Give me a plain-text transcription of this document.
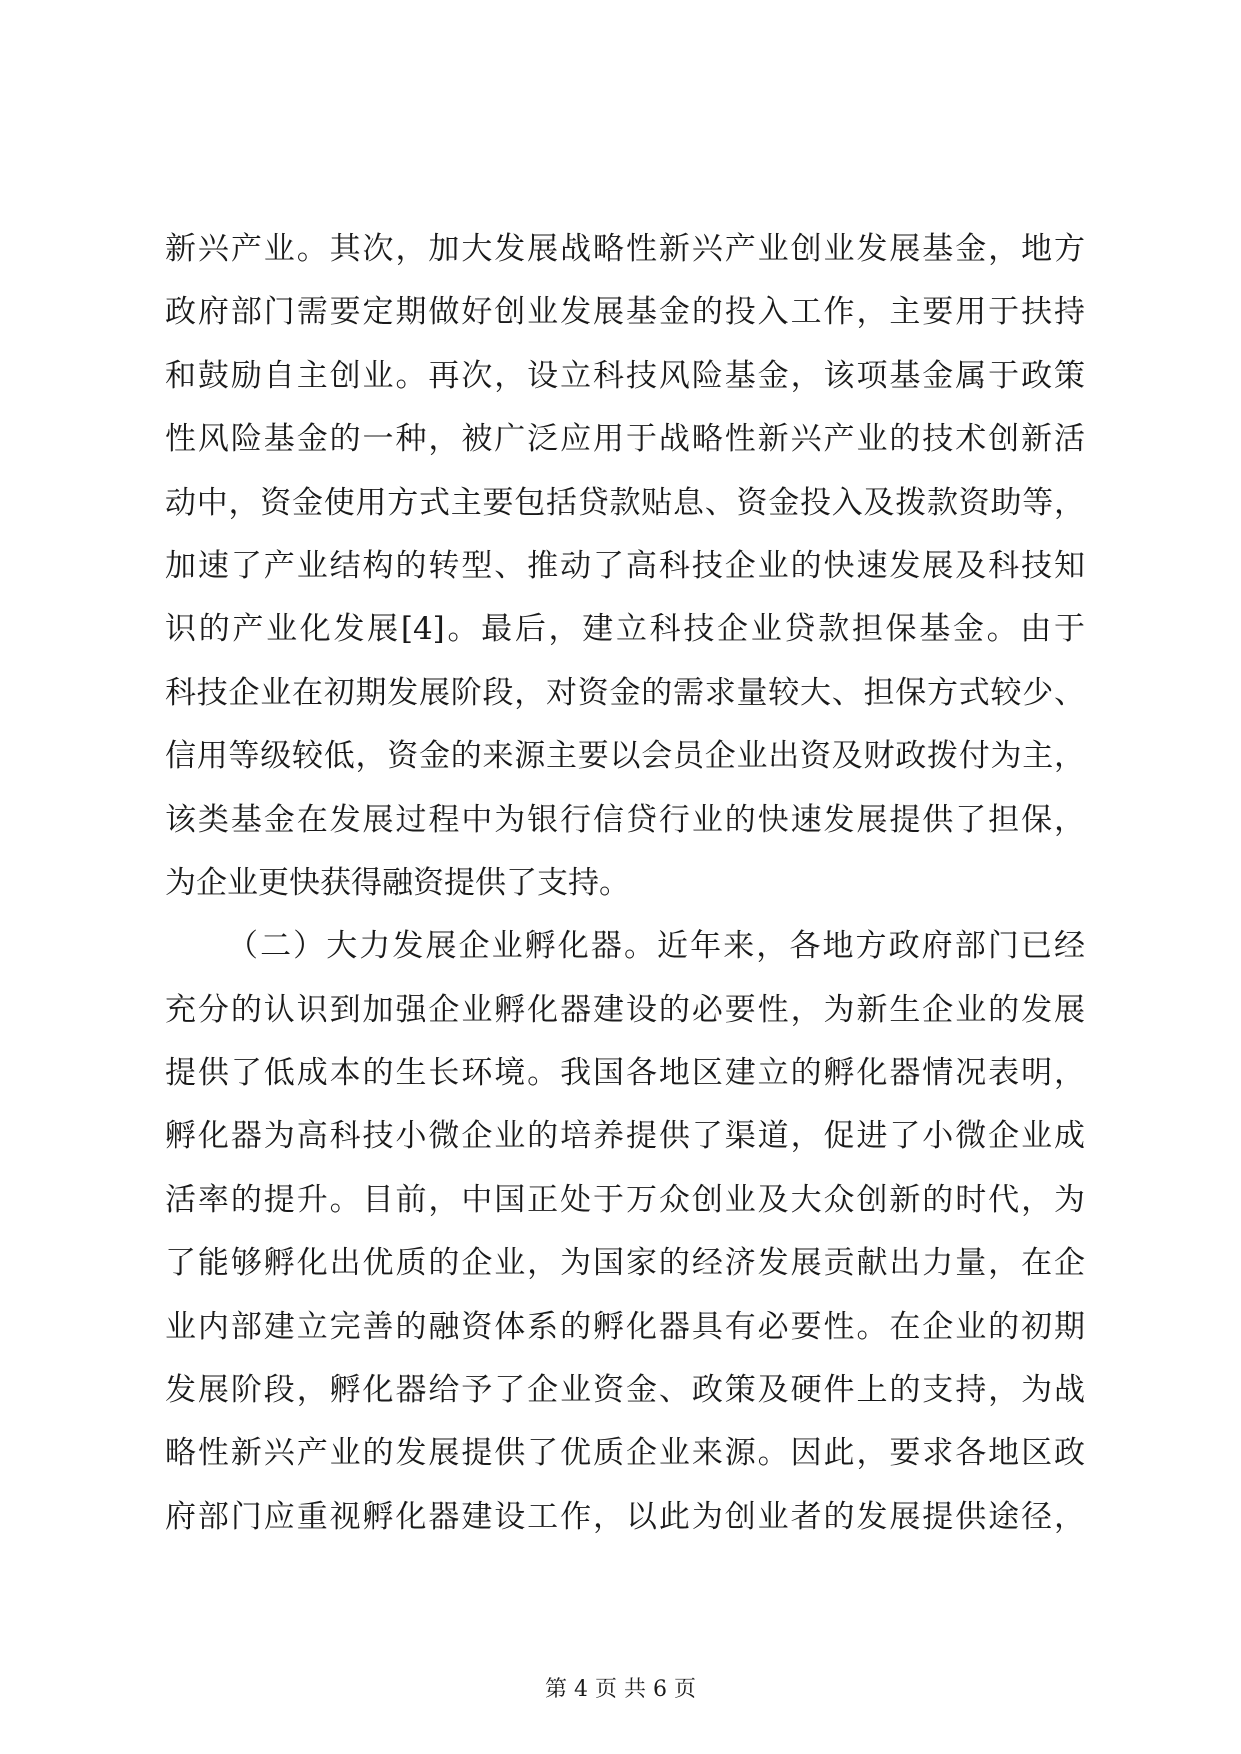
新兴产业。其次，加大发展战略性新兴产业创业发展基金，地方
政府部门需要定期做好创业发展基金的投入工作，主要用于扶持
和鼓励自主创业。再次，设立科技风险基金，该项基金属于政策
性风险基金的一种，被广泛应用于战略性新兴产业的技术创新活
动中，资金使用方式主要包括贷款贴息、资金投入及拨款资助等，
加速了产业结构的转型、推动了高科技企业的快速发展及科技知
识的产业化发展[4]。最后，建立科技企业贷款担保基金。由于
科技企业在初期发展阶段，对资金的需求量较大、担保方式较少、
信用等级较低，资金的来源主要以会员企业出资及财政拨付为主，
该类基金在发展过程中为银行信贷行业的快速发展提供了担保，
为企业更快获得融资提供了支持。
（二）大力发展企业孵化器。近年来，各地方政府部门已经
充分的认识到加强企业孵化器建设的必要性，为新生企业的发展
提供了低成本的生长环境。我国各地区建立的孵化器情况表明，
孵化器为高科技小微企业的培养提供了渠道，促进了小微企业成
活率的提升。目前，中国正处于万众创业及大众创新的时代，为
了能够孵化出优质的企业，为国家的经济发展贡献出力量，在企
业内部建立完善的融资体系的孵化器具有必要性。在企业的初期
发展阶段，孵化器给予了企业资金、政策及硬件上的支持，为战
略性新兴产业的发展提供了优质企业来源。因此，要求各地区政
府部门应重视孵化器建设工作，以此为创业者的发展提供途径，
第 4 页 共 6 页
